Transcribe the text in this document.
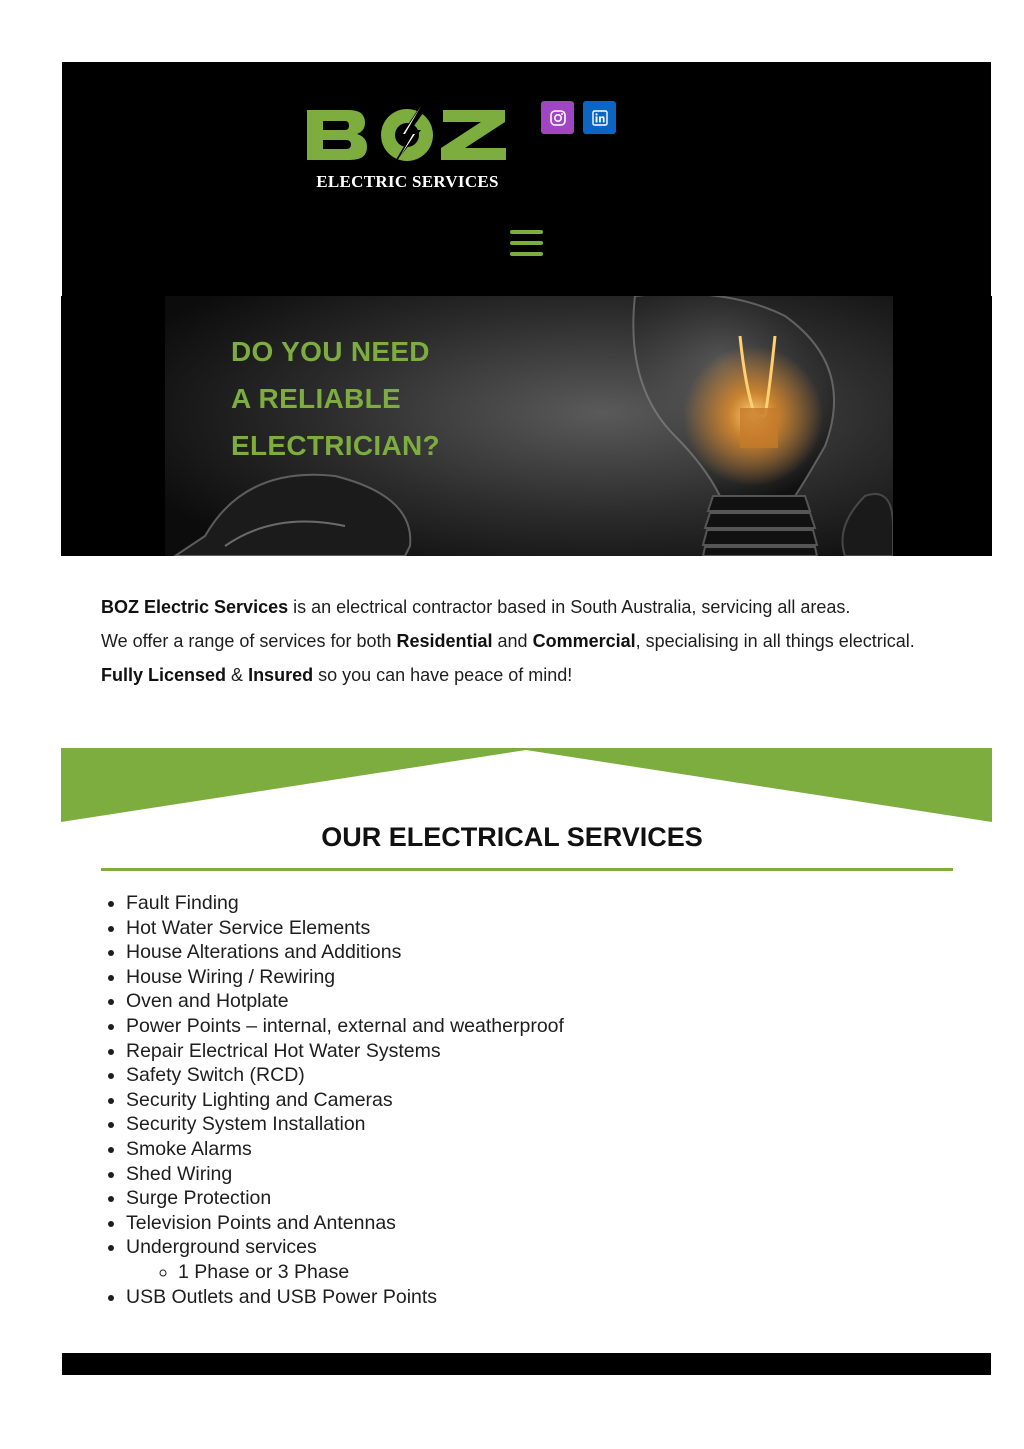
ELECTRIC SERVICES
DO YOU NEED
A RELIABLE
ELECTRICIAN?

BOZ Electric Services is an electrical contractor based in South Australia, servicing all areas.

We offer a range of services for both Residential and Commercial, specialising in all things electrical.

Fully Licensed & Insured so you can have peace of mind!

OUR ELECTRICAL SERVICES
• Fault Finding
• Hot Water Service Elements
• House Alterations and Additions
• House Wiring / Rewiring
• Oven and Hotplate
• Power Points – internal, external and weatherproof
• Repair Electrical Hot Water Systems
• Safety Switch (RCD)
• Security Lighting and Cameras
• Security System Installation
• Smoke Alarms
• Shed Wiring
• Surge Protection
• Television Points and Antennas
• Underground services
◦ 1 Phase or 3 Phase
• USB Outlets and USB Power Points
